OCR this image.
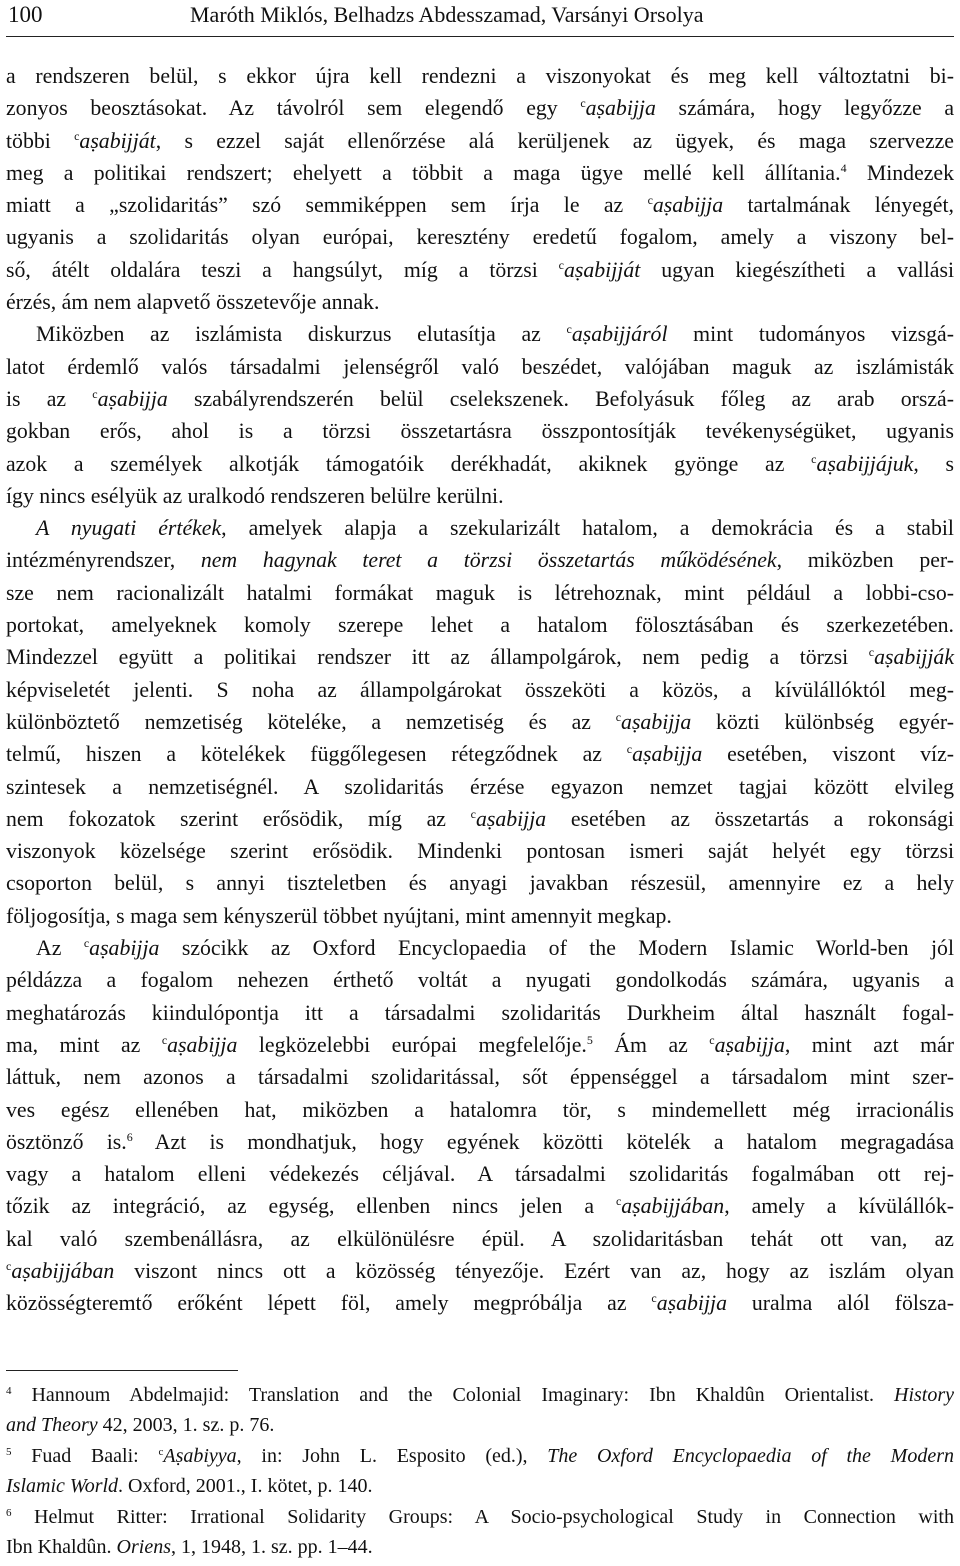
100	Maróth Miklós, Belhadzs Abdesszamad, Varsányi Orsolya
a rendszeren belül, s ekkor újra kell rendezni a viszonyokat és meg kell változtatni bi-
zonyos beosztásokat. Az távolról sem elegendő egy $^c$aṣabijja számára, hogy legyőzze a
többi $^c$aṣabijját, s ezzel saját ellenőrzése alá kerüljenek az ügyek, és maga szervezze
meg a politikai rendszert; ehelyett a többit a maga ügye mellé kell állítania.$^4$ Mindezek
miatt a „szolidaritás” szó semmiképpen sem írja le az $^c$aṣabijja tartalmának lényegét,
ugyanis a szolidaritás olyan európai, keresztény eredetű fogalom, amely a viszony bel-
ső, átélt oldalára teszi a hangsúlyt, míg a törzsi $^c$aṣabijját ugyan kiegészítheti a vallási
érzés, ám nem alapvető összetevője annak.
Miközben az iszlámista diskurzus elutasítja az $^c$aṣabijjáról mint tudományos vizsgá-
latot érdemlő valós társadalmi jelenségről való beszédet, valójában maguk az iszlámisták
is az $^c$aṣabijja szabályrendszerén belül cselekszenek. Befolyásuk főleg az arab orszá-
gokban erős, ahol is a törzsi összetartásra összpontosítják tevékenységüket, ugyanis
azok a személyek alkotják támogatóik derékhadát, akiknek gyönge az $^c$aṣabijjájuk, s
így nincs esélyük az uralkodó rendszeren belülre kerülni.
A nyugati értékek, amelyek alapja a szekularizált hatalom, a demokrácia és a stabil
intézményrendszer, nem hagynak teret a törzsi összetartás működésének, miközben per-
sze nem racionalizált hatalmi formákat maguk is létrehoznak, mint például a lobbi-cso-
portokat, amelyeknek komoly szerepe lehet a hatalom fölosztásában és szerkezetében.
Mindezzel együtt a politikai rendszer itt az állampolgárok, nem pedig a törzsi $^c$aṣabijják
képviseletét jelenti. S noha az állampolgárokat összeköti a közös, a kívülállóktól meg-
különböztető nemzetiség köteléke, a nemzetiség és az $^c$aṣabijja közti különbség egyér-
telmű, hiszen a kötelékek függőlegesen rétegződnek az $^c$aṣabijja esetében, viszont víz-
szintesek a nemzetiségnél. A szolidaritás érzése egyazon nemzet tagjai között elvileg
nem fokozatok szerint erősödik, míg az $^c$aṣabijja esetében az összetartás a rokonsági
viszonyok közelsége szerint erősödik. Mindenki pontosan ismeri saját helyét egy törzsi
csoporton belül, s annyi tiszteletben és anyagi javakban részesül, amennyire ez a hely
följogosítja, s maga sem kényszerül többet nyújtani, mint amennyit megkap.
Az $^c$aṣabijja szócikk az Oxford Encyclopaedia of the Modern Islamic World-ben jól
példázza a fogalom nehezen érthető voltát a nyugati gondolkodás számára, ugyanis a
meghatározás kiindulópontja itt a társadalmi szolidaritás Durkheim által használt fogal-
ma, mint az $^c$aṣabijja legközelebbi európai megfelelője.$^5$ Ám az $^c$aṣabijja, mint azt már
láttuk, nem azonos a társadalmi szolidaritással, sőt éppenséggel a társadalom mint szer-
ves egész ellenében hat, miközben a hatalomra tör, s mindemellett még irracionális
ösztönző is.$^6$ Azt is mondhatjuk, hogy egyének közötti kötelék a hatalom megragadása
vagy a hatalom elleni védekezés céljával. A társadalmi szolidaritás fogalmában ott rej-
tőzik az integráció, az egység, ellenben nincs jelen a $^c$aṣabijjában, amely a kívülállók-
kal való szembenállásra, az elkülönülésre épül. A szolidaritásban tehát ott van, az
$^c$aṣabijjában viszont nincs ott a közösség tényezője. Ezért van az, hogy az iszlám olyan
közösségteremtő erőként lépett föl, amely megpróbálja az $^c$aṣabijja uralma alól fölsza-
$^4$ Hannoum Abdelmajid: Translation and the Colonial Imaginary: Ibn Khaldûn Orientalist. History
and Theory 42, 2003, 1. sz. p. 76.
$^5$ Fuad Baali: $^c$Aṣabiyya, in: John L. Esposito (ed.), The Oxford Encyclopaedia of the Modern
Islamic World. Oxford, 2001., I. kötet, p. 140.
$^6$ Helmut Ritter: Irrational Solidarity Groups: A Socio-psychological Study in Connection with
Ibn Khaldûn. Oriens, 1, 1948, 1. sz. pp. 1–44.
